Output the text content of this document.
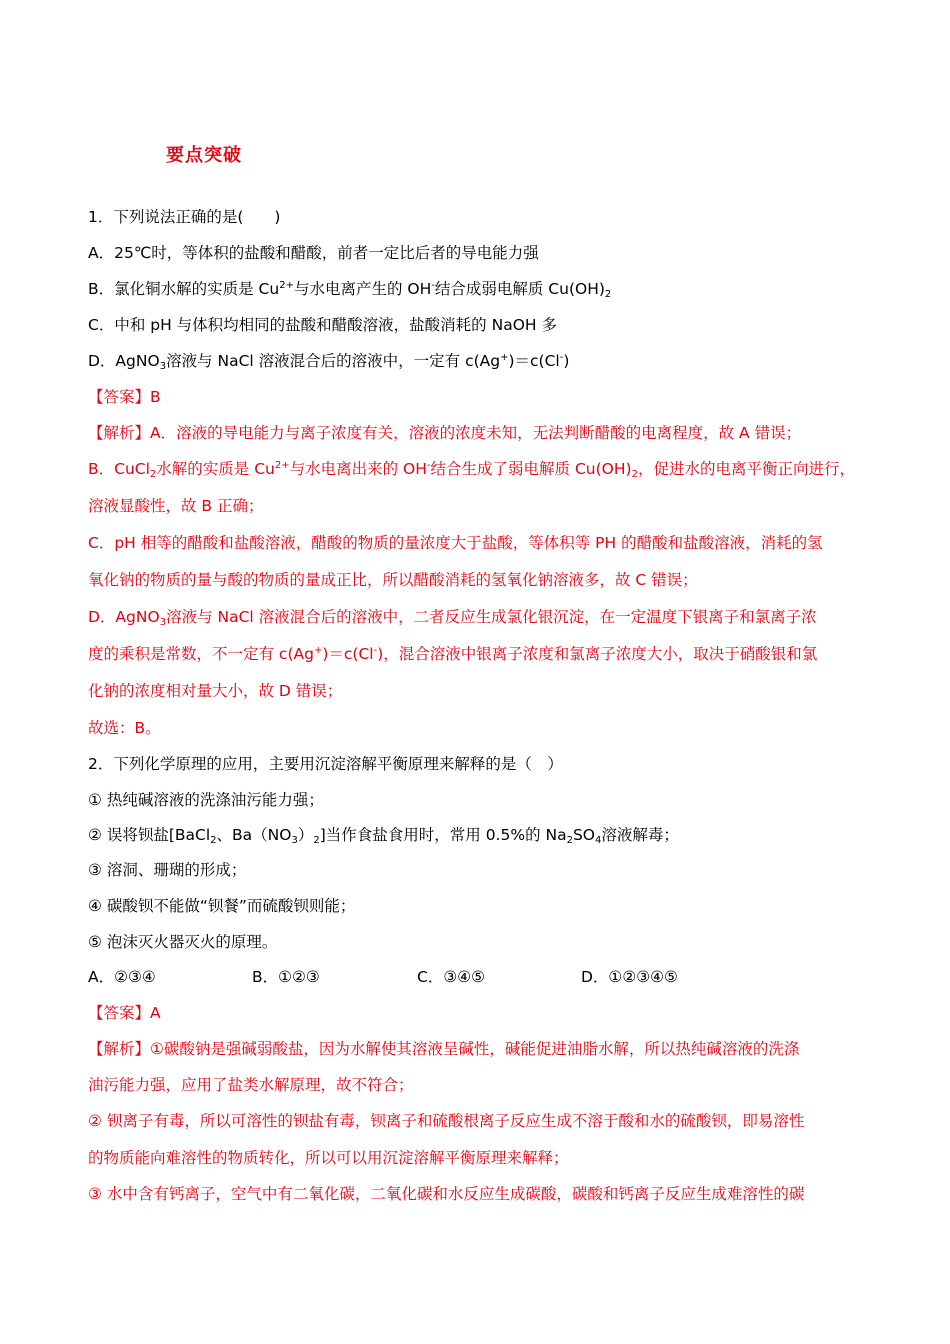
要点突破
1．下列说法正确的是(　　)
A．25℃时，等体积的盐酸和醋酸，前者一定比后者的导电能力强
B．氯化铜水解的实质是 $Cu^{2+}$与水电离产生的 OH-结合成弱电解质 $Cu(OH)_2$
C．中和 pH 与体积均相同的盐酸和醋酸溶液，盐酸消耗的 NaOH 多
D．AgNO$_3$溶液与 NaCl 溶液混合后的溶液中，一定有 c(Ag+)＝c(Cl-)
【答案】B
【解析】A．溶液的导电能力与离子浓度有关，溶液的浓度未知，无法判断醋酸的电离程度，故 A 错误；
B．CuCl$_2$水解的实质是 $Cu^{2+}$与水电离出来的 OH-结合生成了弱电解质 $Cu(OH)_2$，促进水的电离平衡正向进行，
溶液显酸性，故 B 正确；
C．pH 相等的醋酸和盐酸溶液，醋酸的物质的量浓度大于盐酸，等体积等 PH 的醋酸和盐酸溶液，消耗的氢
氧化钠的物质的量与酸的物质的量成正比，所以醋酸消耗的氢氧化钠溶液多，故 C 错误；
D．AgNO$_3$溶液与 NaCl 溶液混合后的溶液中，二者反应生成氯化银沉淀，在一定温度下银离子和氯离子浓
度的乘积是常数，不一定有 c(Ag+)＝c(Cl-)，混合溶液中银离子浓度和氯离子浓度大小，取决于硝酸银和氯
化钠的浓度相对量大小，故 D 错误；
故选：B。
2．下列化学原理的应用，主要用沉淀溶解平衡原理来解释的是（　）
① 热纯碱溶液的洗涤油污能力强；
② 误将钡盐[BaCl$_2$、$Ba(NO_3)_2$]当作食盐食用时，常用 0.5%的 $Na_2SO_4$溶液解毒；
③ 溶洞、珊瑚的形成；
④ 碳酸钡不能做“钡餐”而硫酸钡则能；
⑤ 泡沫灭火器灭火的原理。
A．②③④	B．①②③	C．③④⑤	D．①②③④⑤
【答案】A
【解析】①碳酸钠是强碱弱酸盐，因为水解使其溶液呈碱性，碱能促进油脂水解，所以热纯碱溶液的洗涤
油污能力强，应用了盐类水解原理，故不符合；
② 钡离子有毒，所以可溶性的钡盐有毒，钡离子和硫酸根离子反应生成不溶于酸和水的硫酸钡，即易溶性
的物质能向难溶性的物质转化，所以可以用沉淀溶解平衡原理来解释；
③ 水中含有钙离子，空气中有二氧化碳，二氧化碳和水反应生成碳酸，碳酸和钙离子反应生成难溶性的碳
